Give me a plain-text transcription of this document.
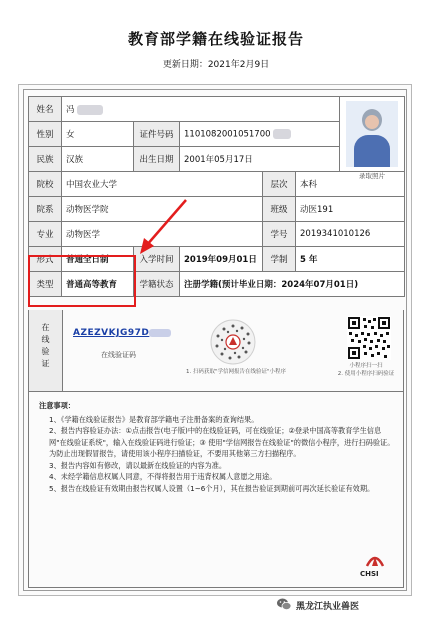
教育部学籍在线验证报告
更新日期：2021年2月9日
姓名	冯					录取照片

性别	女	证件号码	1101082001051700			
民族	汉族	出生日期	2001年05月17日			
院校	中国农业大学			层次	本科	
院系	动物医学院			班级	动医191	
专业	动物医学			学号	2019341010126	
形式	普通全日制	入学时间	2019年09月01日	学制	5 年	
类型	普通高等教育	学籍状态	注册学籍(预计毕业日期：2024年07月01日)			
在
线
验
证
AZEZVKJG97D
在线验证码
1. 扫码获取"学信网报告在线验证"小程序
小程序扫一扫
2. 使用小程序扫码验证
注意事项：
1、《学籍在线验证报告》是教育部学籍电子注册备案的查询结果。
2、报告内容验证办法：①点击报告(电子版)中的在线验证码，可在线验证；②登录中国高等教育学生信息网"在线验证系统"，输入在线验证码进行验证；③ 使用"学信网报告在线验证"的微信小程序，进行扫码验证。为防止出现假冒报告，请使用该小程序扫描验证，不要用其他第三方扫描程序。
3、报告内容如有修改，请以最新在线验证的内容为准。
4、未经学籍信息权属人同意，不得将报告用于违背权属人意愿之用途。
5、报告在线验证有效期由报告权属人设置（1~6个月），其在报告验证到期前可再次延长验证有效期。
CHSI
黑龙江执业兽医
